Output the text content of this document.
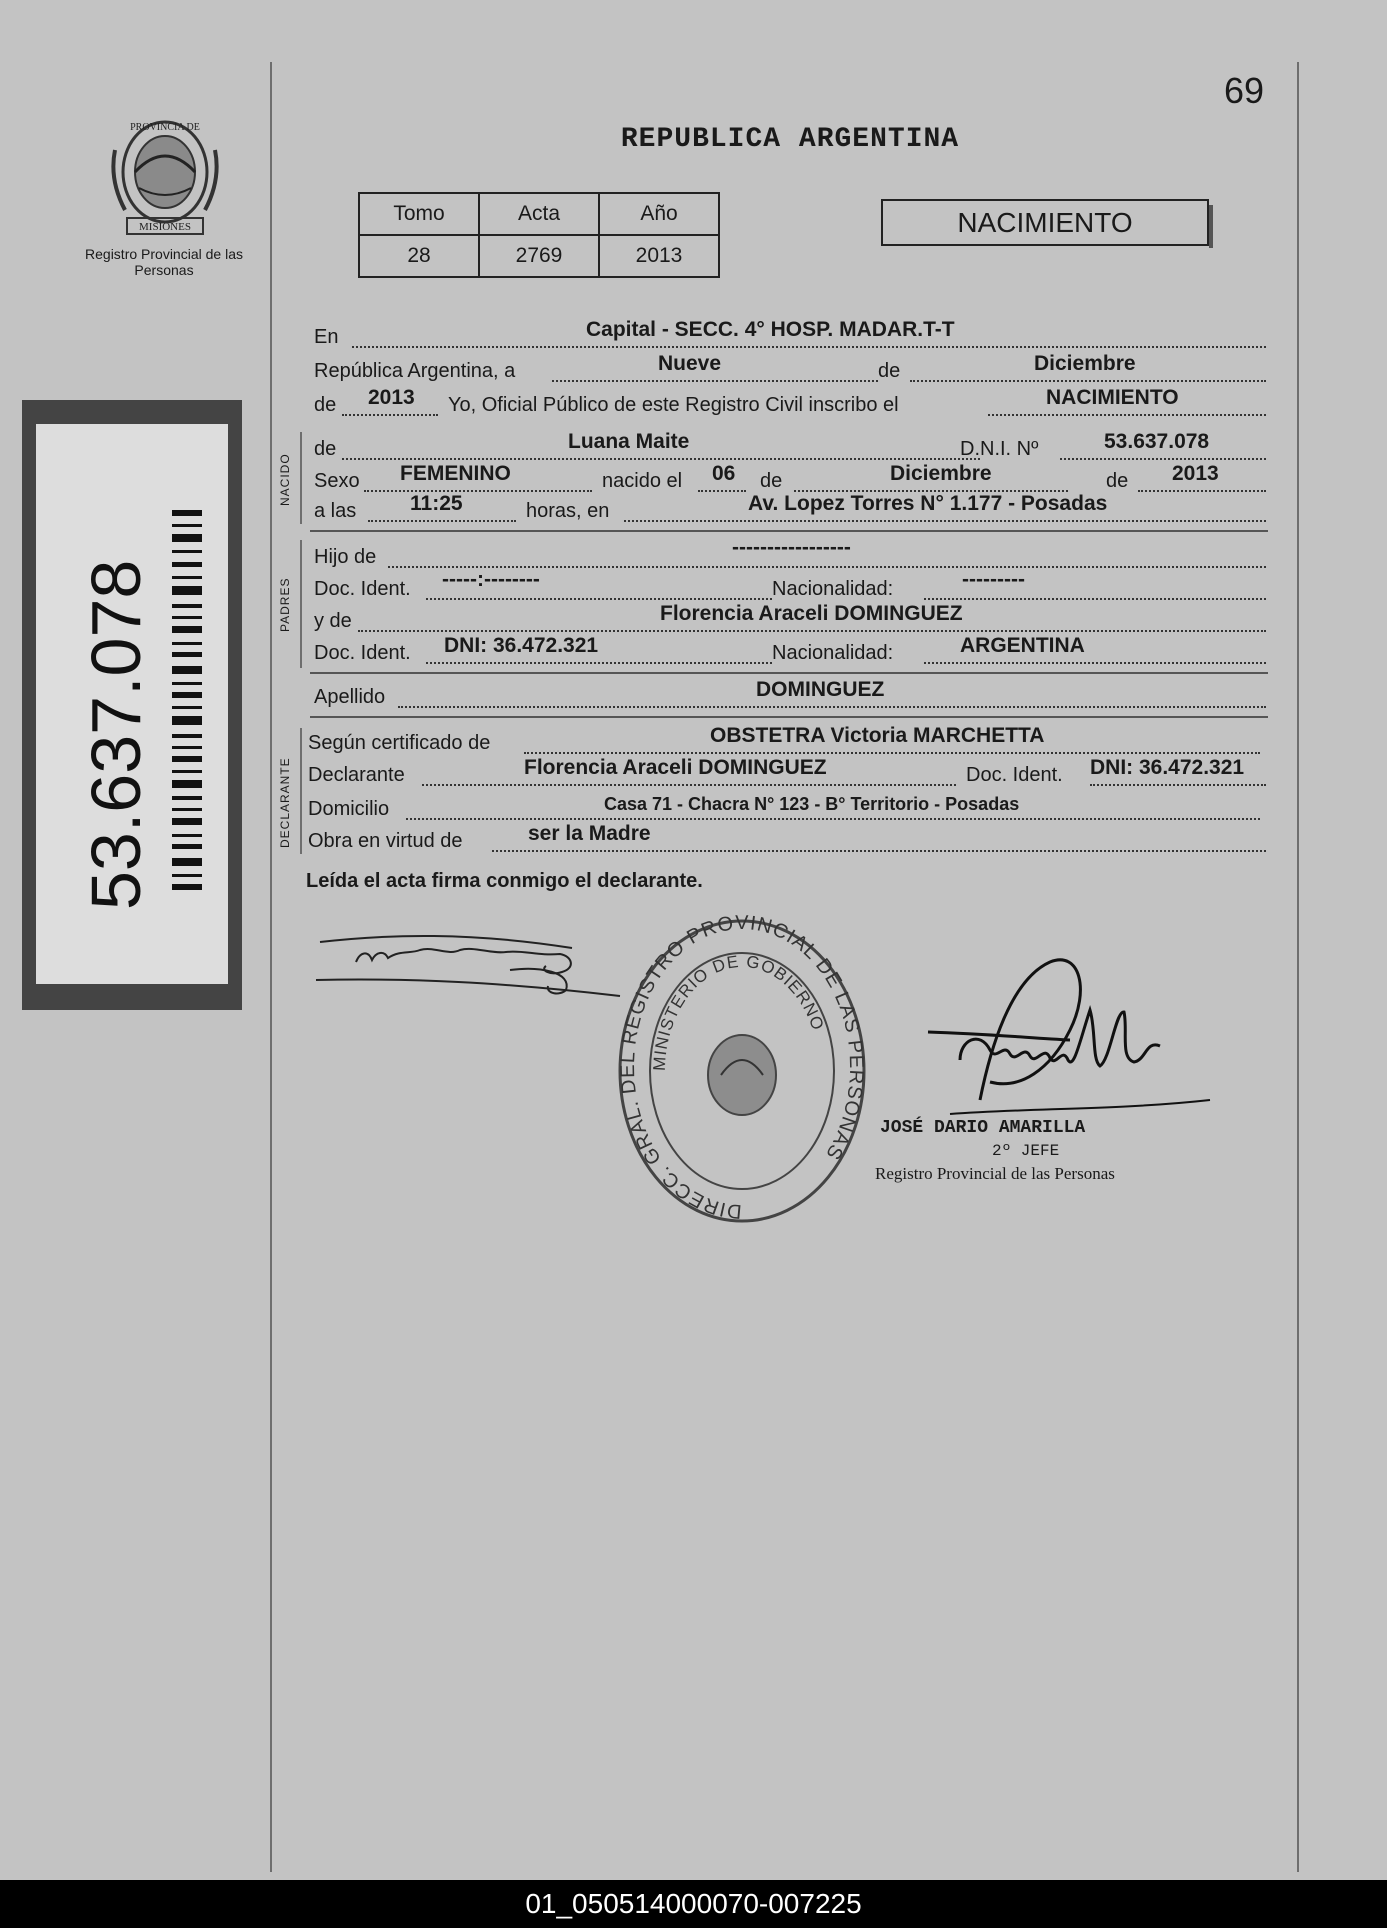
69
REPUBLICA ARGENTINA
PROVINCIA DE
MISIONES
Registro Provincial de las Personas
53.637.078
Tomo	Acta	Año
28	2769	2013
NACIMIENTO
En	Capital - SECC. 4° HOSP. MADAR.T-T
República Argentina, a	Nueve	de	Diciembre
de 2013 Yo, Oficial Público de este Registro Civil inscribo el	NACIMIENTO
NACIDO
de	Luana Maite	D.N.I. Nº	53.637.078
Sexo FEMENINO	nacido el 06 de	Diciembre	de 2013
a las	11:25	horas, en	Av. Lopez Torres N° 1.177 - Posadas
PADRES
Hijo de	-----------------
Doc. Ident. -----:--------	Nacionalidad:	---------
y de	Florencia Araceli DOMINGUEZ
Doc. Ident. DNI: 36.472.321	Nacionalidad:	ARGENTINA
Apellido	DOMINGUEZ
DECLARANTE
Según certificado de	OBSTETRA Victoria MARCHETTA
Declarante	Florencia Araceli DOMINGUEZ	Doc. Ident. DNI: 36.472.321
Domicilio	Casa 71 - Chacra N° 123 - B° Territorio - Posadas
Obra en virtud de	ser la Madre
Leída el acta firma conmigo el declarante.
DIRECC. GRAL. DEL REGISTRO PROVINCIAL DE LAS PERSONAS
MINISTERIO DE GOBIERNO
JOSÉ DARIO AMARILLA
2º JEFE
Registro Provincial de las Personas
01_050514000070-007225
